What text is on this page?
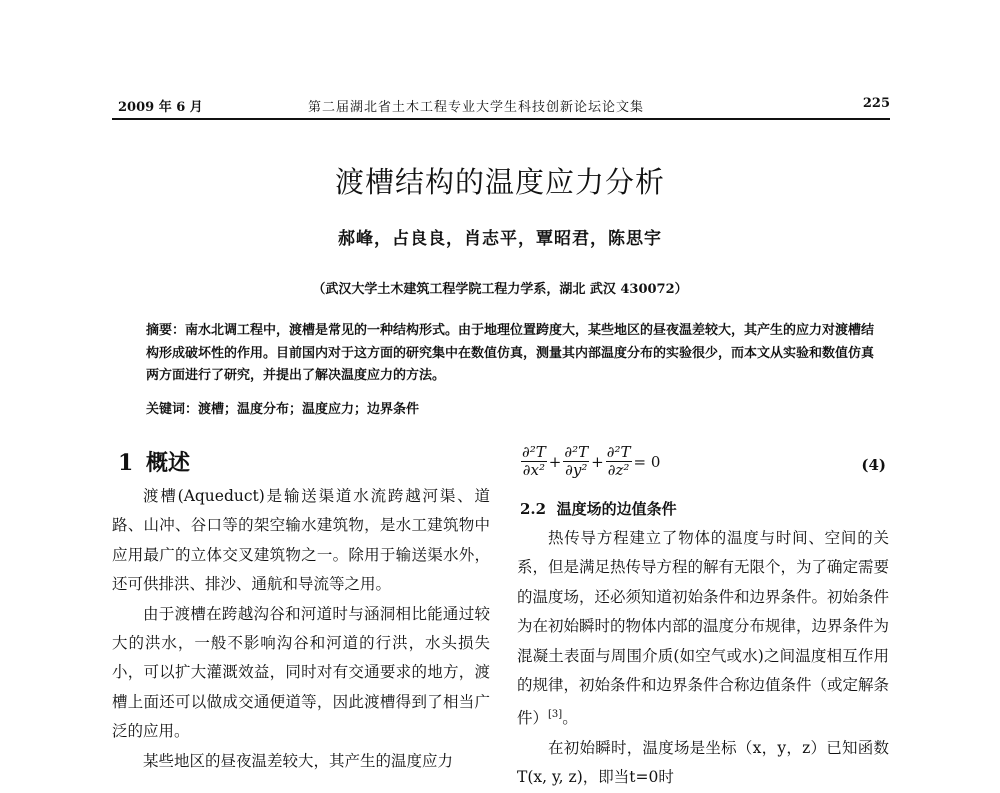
2009 年 6 月	第二届湖北省土木工程专业大学生科技创新论坛论文集	225
渡槽结构的温度应力分析
郝峰，占良良，肖志平，覃昭君，陈思宇
（武汉大学土木建筑工程学院工程力学系，湖北 武汉 430072）
摘要：南水北调工程中，渡槽是常见的一种结构形式。由于地理位置跨度大，某些地区的昼夜温差较大，其产生的应力对渡槽结构形成破坏性的作用。目前国内对于这方面的研究集中在数值仿真，测量其内部温度分布的实验很少，而本文从实验和数值仿真两方面进行了研究，并提出了解决温度应力的方法。
关键词：渡槽；温度分布；温度应力；边界条件
1 概述

渡槽(Aqueduct)是输送渠道水流跨越河渠、道路、山冲、谷口等的架空输水建筑物，是水工建筑物中应用最广的立体交叉建筑物之一。除用于输送渠水外，还可供排洪、排沙、通航和导流等之用。

由于渡槽在跨越沟谷和河道时与涵洞相比能通过较大的洪水，一般不影响沟谷和河道的行洪，水头损失小，可以扩大灌溉效益，同时对有交通要求的地方，渡槽上面还可以做成交通便道等，因此渡槽得到了相当广泛的应用。

某些地区的昼夜温差较大，其产生的温度应力

$\frac{\text{∂²T}}{\text{∂x²}} + \frac{\text{∂²T}}{\text{∂y²}} + \frac{\text{∂²T}}{\text{∂z²}} = 0$	(4)
2.2 温度场的边值条件

热传导方程建立了物体的温度与时间、空间的关系，但是满足热传导方程的解有无限个，为了确定需要的温度场，还必须知道初始条件和边界条件。初始条件为在初始瞬时的物体内部的温度分布规律，边界条件为混凝土表面与周围介质(如空气或水)之间温度相互作用的规律，初始条件和边界条件合称边值条件（或定解条件）[3]。

在初始瞬时，温度场是坐标（x，y，z）已知函数 T(x, y, z)，即当t=0时
